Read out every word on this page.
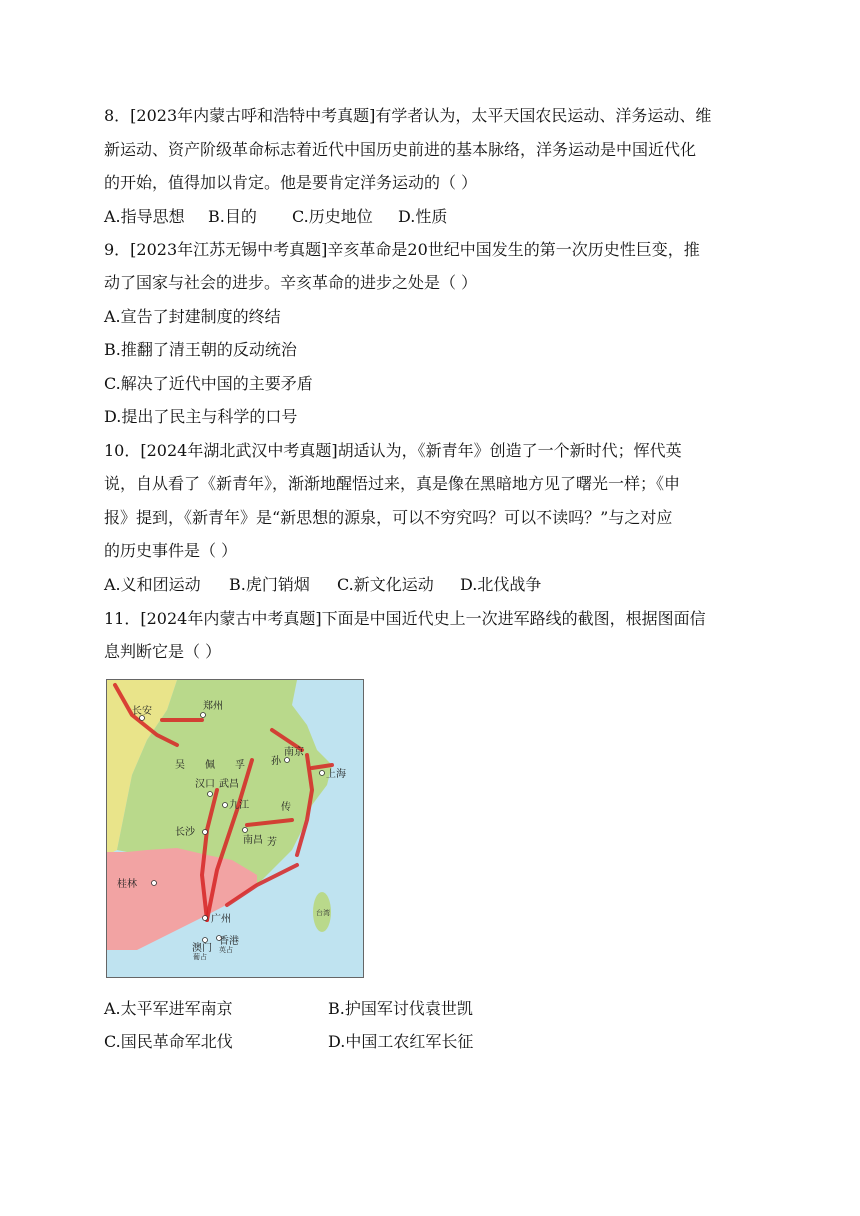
8．[2023年内蒙古呼和浩特中考真题]有学者认为，太平天国农民运动、洋务运动、维
新运动、资产阶级革命标志着近代中国历史前进的基本脉络，洋务运动是中国近代化
的开始，值得加以肯定。他是要肯定洋务运动的（ ）
A.指导思想 B.目的 C.历史地位 D.性质
9．[2023年江苏无锡中考真题]辛亥革命是20世纪中国发生的第一次历史性巨变，推
动了国家与社会的进步。辛亥革命的进步之处是（ ）
A.宣告了封建制度的终结
B.推翻了清王朝的反动统治
C.解决了近代中国的主要矛盾
D.提出了民主与科学的口号
10．[2024年湖北武汉中考真题]胡适认为，《新青年》创造了一个新时代；恽代英
说，自从看了《新青年》，渐渐地醒悟过来，真是像在黑暗地方见了曙光一样；《申
报》提到，《新青年》是“新思想的源泉，可以不穷究吗？可以不读吗？”与之对应
的历史事件是（ ）
A.义和团运动 B.虎门销烟 C.新文化运动 D.北伐战争
11．[2024年内蒙古中考真题]下面是中国近代史上一次进军路线的截图，根据图面信
息判断它是（ ）
长安	郑州
南京
孙
上海
汉口 武昌
九江
长沙
南昌
桂林
广州
澳门
香港
葡占
英占
台湾
吴 佩 孚
传
芳
A.太平军进军南京	B.护国军讨伐袁世凯
C.国民革命军北伐	D.中国工农红军长征
